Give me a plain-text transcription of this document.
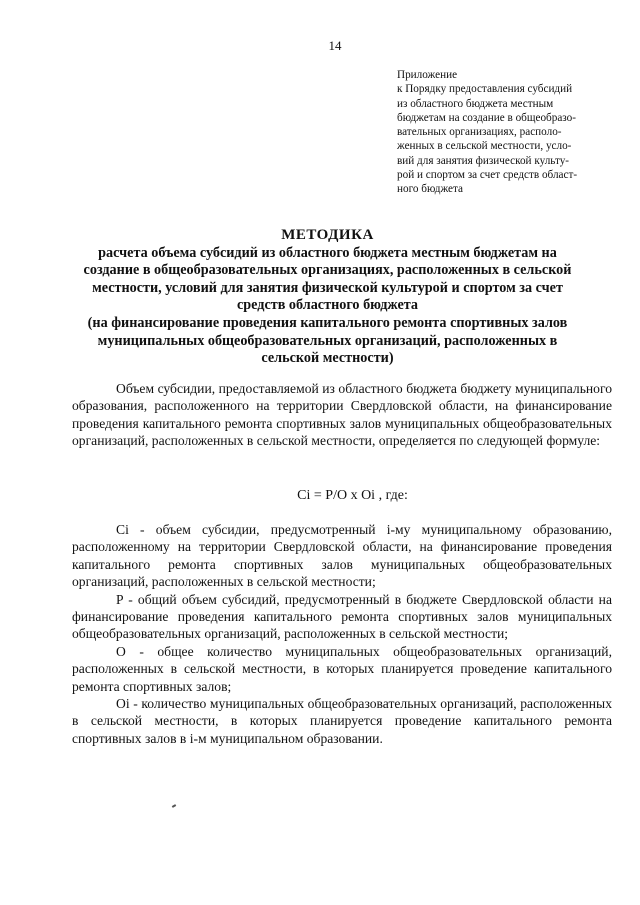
14
Приложение
к Порядку предоставления субсидий
из областного бюджета местным
бюджетам на создание в общеобразо-
вательных организациях, располо-
женных в сельской местности, усло-
вий для занятия физической культу-
рой и спортом за счет средств област-
ного бюджета
МЕТОДИКА
расчета объема субсидий из областного бюджета местным бюджетам на
создание в общеобразовательных организациях, расположенных в сельской
местности, условий для занятия физической культурой и спортом за счет
средств областного бюджета
(на финансирование проведения капитального ремонта спортивных залов
муниципальных общеобразовательных организаций, расположенных в
сельской местности)

Объем субсидии, предоставляемой из областного бюджета бюджету муниципального образования, расположенного на территории Свердловской области, на финансирование проведения капитального ремонта спортивных залов муниципальных общеобразовательных организаций, расположенных в сельской местности, определяется по следующей формуле:

Ci = P/O x Oi , где:

Ci - объем субсидии, предусмотренный i-му муниципальному образованию, расположенному на территории Свердловской области, на финансирование проведения капитального ремонта спортивных залов муниципальных общеобразовательных организаций, расположенных в сельской местности;

P - общий объем субсидий, предусмотренный в бюджете Свердловской области на финансирование проведения капитального ремонта спортивных залов муниципальных общеобразовательных организаций, расположенных в сельской местности;

O - общее количество муниципальных общеобразовательных организаций, расположенных в сельской местности, в которых планируется проведение капитального ремонта спортивных залов;

Oi - количество муниципальных общеобразовательных организаций, расположенных в сельской местности, в которых планируется проведение капитального ремонта спортивных залов в i-м муниципальном образовании.
